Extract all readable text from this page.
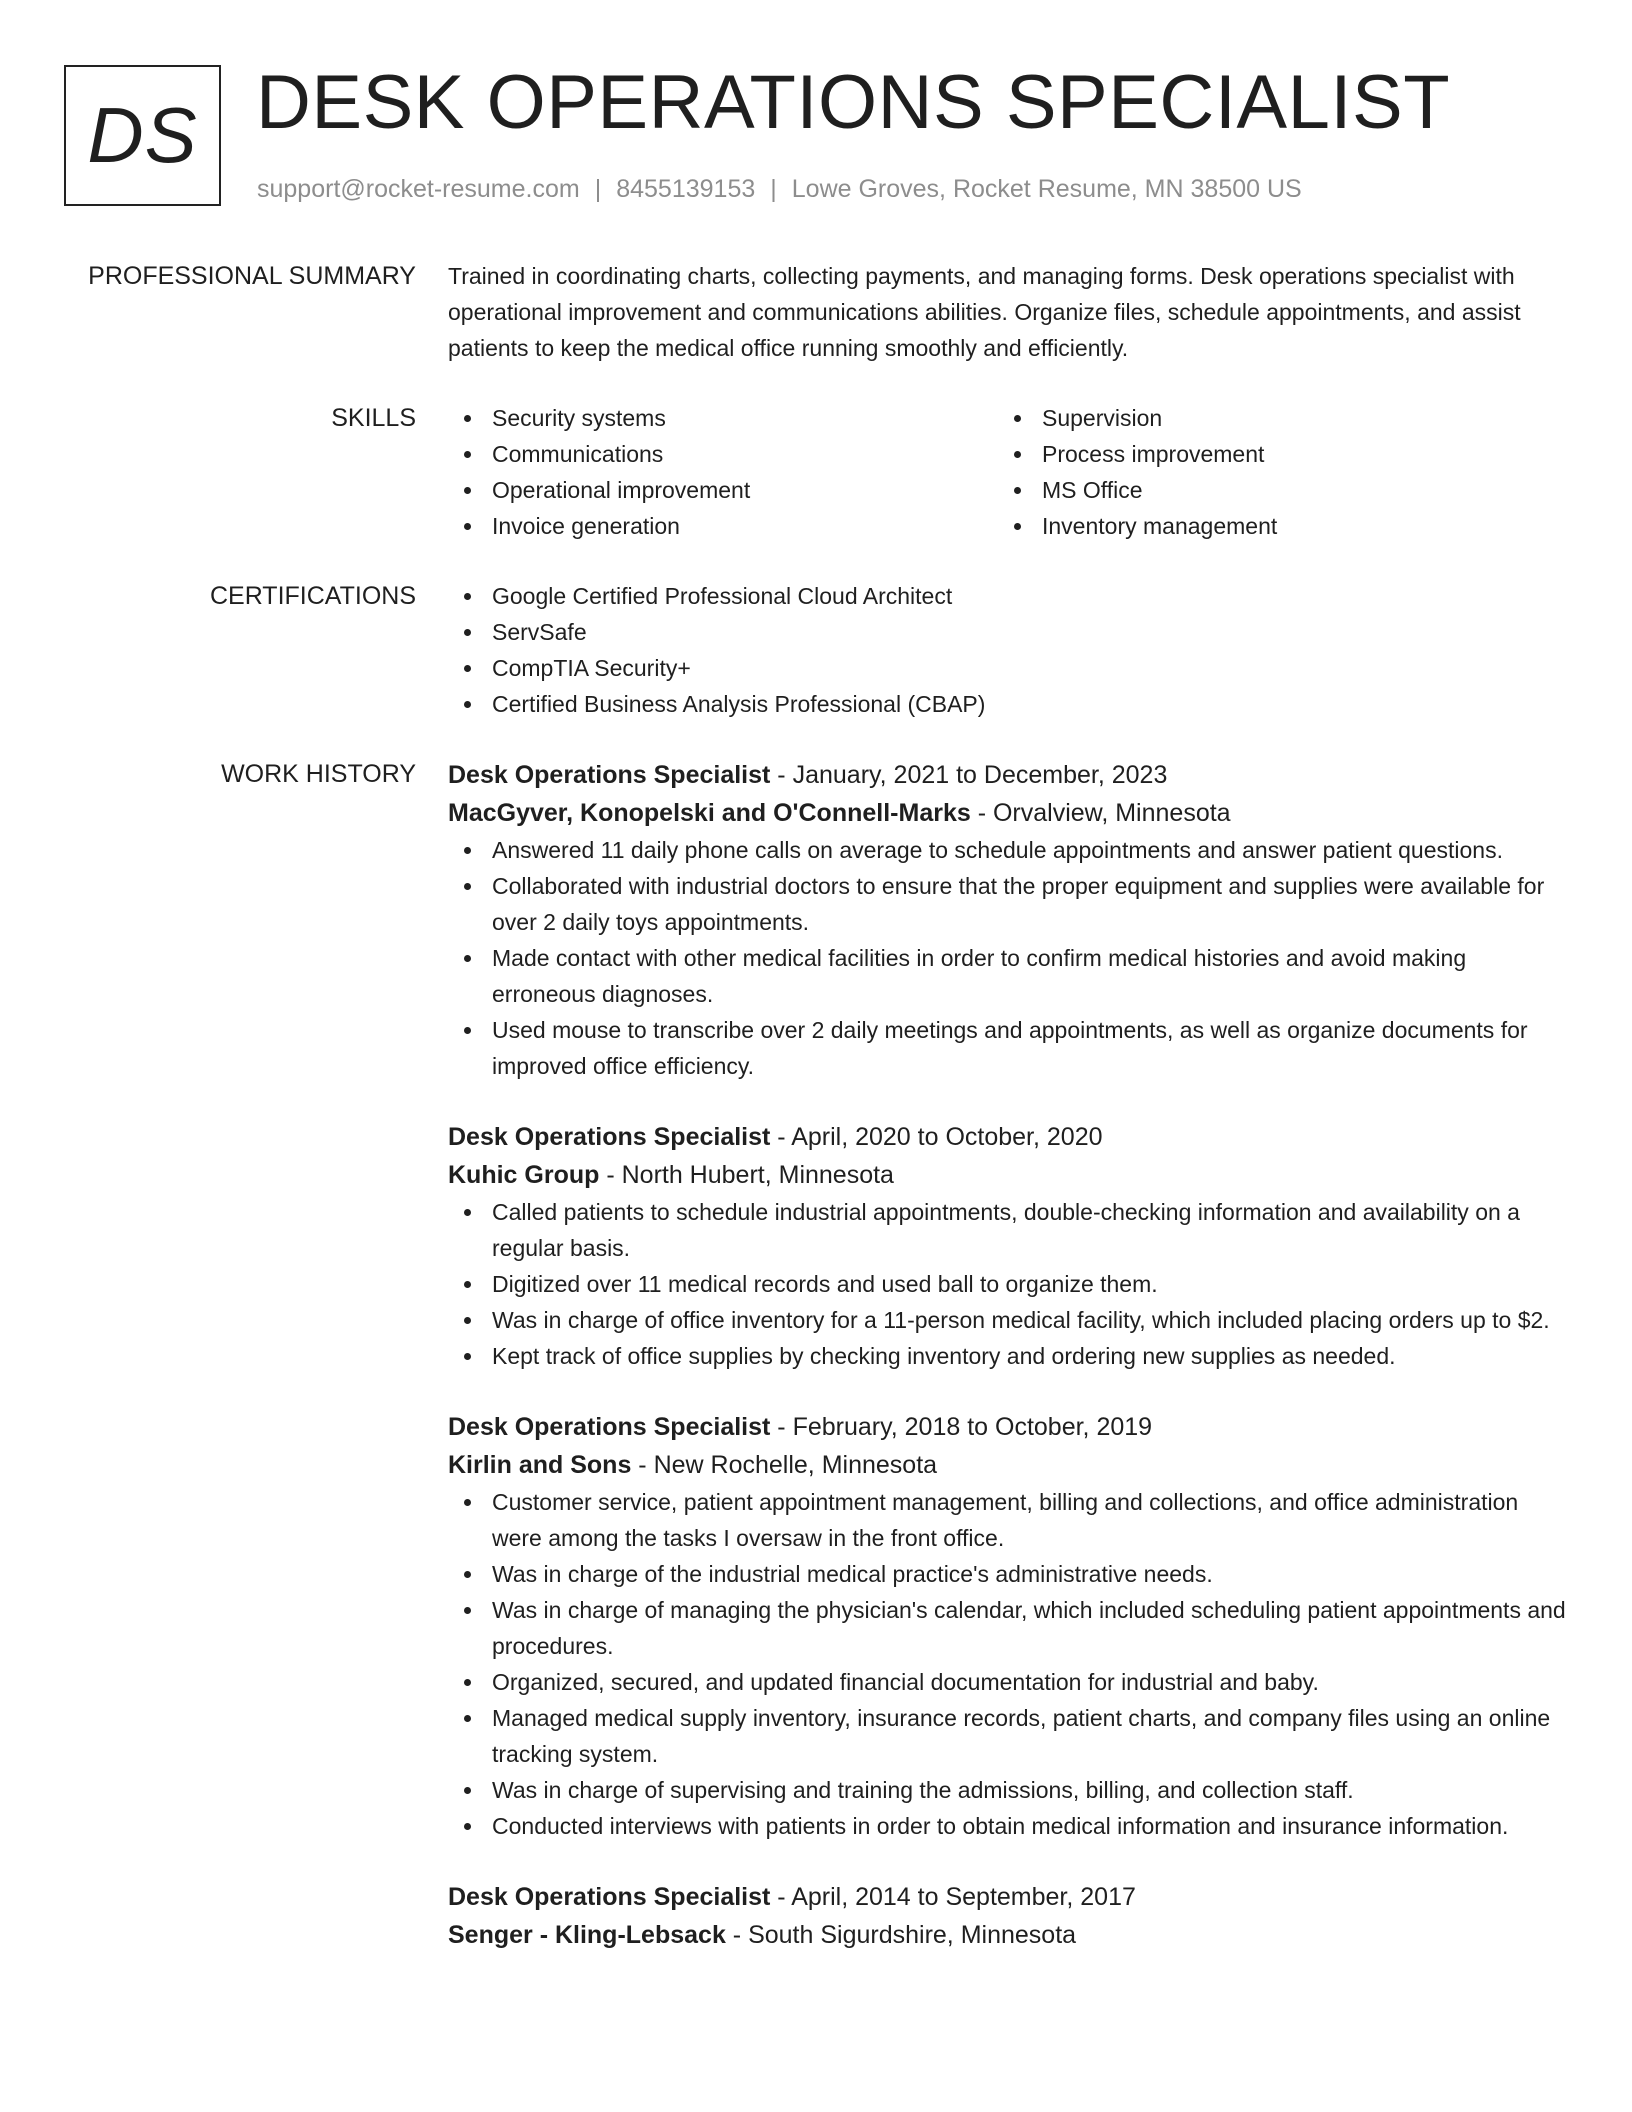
DS DESK OPERATIONS SPECIALIST
support@rocket-resume.com | 8455139153 | Lowe Groves, Rocket Resume, MN 38500 US
PROFESSIONAL SUMMARY Trained in coordinating charts, collecting payments, and managing forms. Desk operations specialist with operational improvement and communications abilities. Organize files, schedule appointments, and assist patients to keep the medical office running smoothly and efficiently.
SKILLS	Security systems	Supervision
Communications	Process improvement
Operational improvement	MS Office
Invoice generation	Inventory management
CERTIFICATIONS	Google Certified Professional Cloud Architect
ServSafe
CompTIA Security+
Certified Business Analysis Professional (CBAP)
WORK HISTORY Desk Operations Specialist - January, 2021 to December, 2023
MacGyver, Konopelski and O'Connell-Marks - Orvalview, Minnesota
Answered 11 daily phone calls on average to schedule appointments and answer patient questions.
Collaborated with industrial doctors to ensure that the proper equipment and supplies were available for over 2 daily toys appointments.
Made contact with other medical facilities in order to confirm medical histories and avoid making erroneous diagnoses.
Used mouse to transcribe over 2 daily meetings and appointments, as well as organize documents for improved office efficiency.
Desk Operations Specialist - April, 2020 to October, 2020
Kuhic Group - North Hubert, Minnesota
Called patients to schedule industrial appointments, double-checking information and availability on a regular basis.
Digitized over 11 medical records and used ball to organize them.
Was in charge of office inventory for a 11-person medical facility, which included placing orders up to $2.
Kept track of office supplies by checking inventory and ordering new supplies as needed.
Desk Operations Specialist - February, 2018 to October, 2019
Kirlin and Sons - New Rochelle, Minnesota
Customer service, patient appointment management, billing and collections, and office administration were among the tasks I oversaw in the front office.
Was in charge of the industrial medical practice's administrative needs.
Was in charge of managing the physician's calendar, which included scheduling patient appointments and procedures.
Organized, secured, and updated financial documentation for industrial and baby.
Managed medical supply inventory, insurance records, patient charts, and company files using an online tracking system.
Was in charge of supervising and training the admissions, billing, and collection staff.
Conducted interviews with patients in order to obtain medical information and insurance information.
Desk Operations Specialist - April, 2014 to September, 2017
Senger - Kling-Lebsack - South Sigurdshire, Minnesota
